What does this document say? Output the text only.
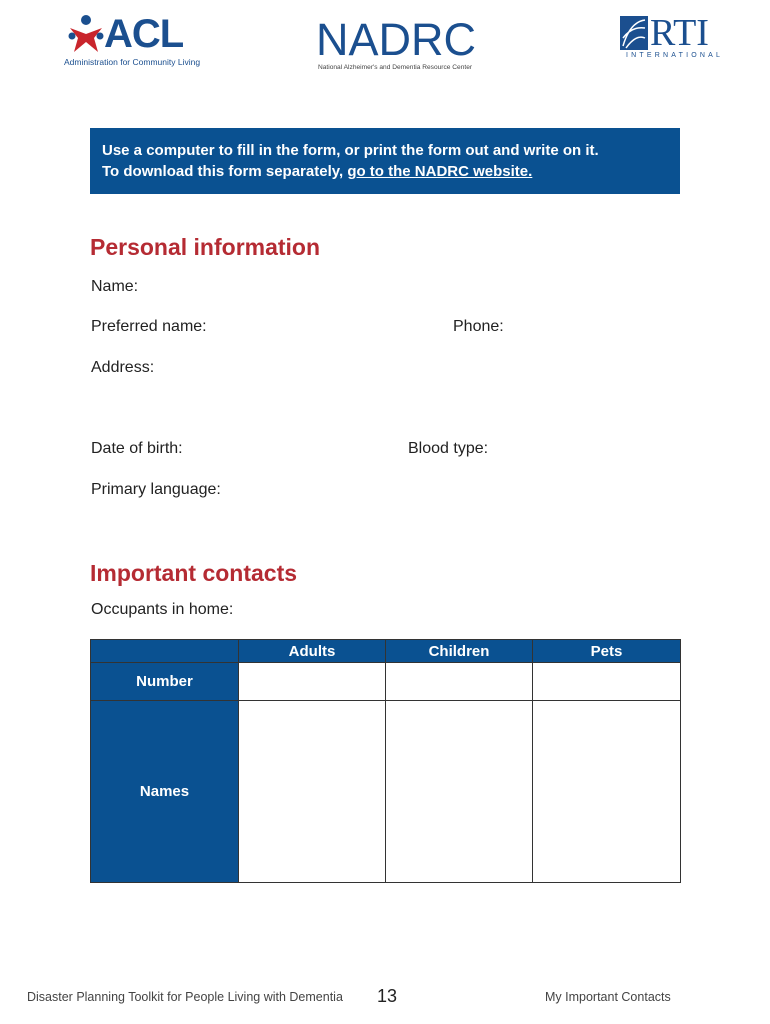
ACL
Administration for Community Living	NADRC
National Alzheimer's and Dementia Resource Center
RTI
INTERNATIONAL
Use a computer to fill in the form, or print the form out and write on it.
To download this form separately, go to the NADRC website.
Personal information
Name:
Preferred name:	Phone:
Address:
Date of birth:	Blood type:
Primary language:
Important contacts
Occupants in home:
	Adults	Children	Pets
Number			
Names			
Disaster Planning Toolkit for People Living with Dementia 13	My Important Contacts
